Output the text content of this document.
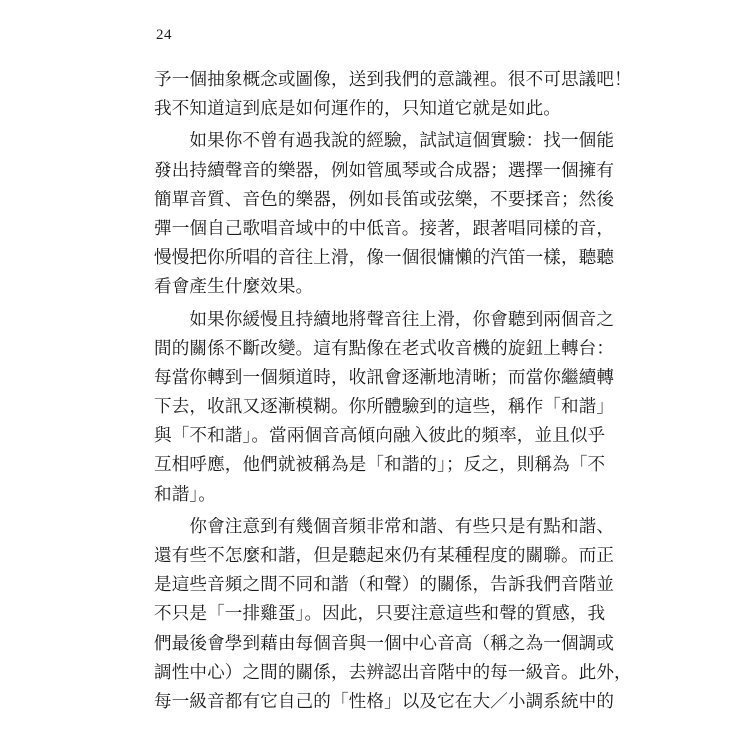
24
予一個抽象概念或圖像，送到我們的意識裡。很不可思議吧！
我不知道這到底是如何運作的，只知道它就是如此。
　　如果你不曾有過我說的經驗，試試這個實驗：找一個能
發出持續聲音的樂器，例如管風琴或合成器；選擇一個擁有
簡單音質、音色的樂器，例如長笛或弦樂，不要揉音；然後
彈一個自己歌唱音域中的中低音。接著，跟著唱同樣的音，
慢慢把你所唱的音往上滑，像一個很慵懶的汽笛一樣，聽聽
看會產生什麼效果。
　　如果你緩慢且持續地將聲音往上滑，你會聽到兩個音之
間的關係不斷改變。這有點像在老式收音機的旋鈕上轉台：
每當你轉到一個頻道時，收訊會逐漸地清晰；而當你繼續轉
下去，收訊又逐漸模糊。你所體驗到的這些，稱作「和諧」
與「不和諧」。當兩個音高傾向融入彼此的頻率，並且似乎
互相呼應，他們就被稱為是「和諧的」；反之，則稱為「不
和諧」。
　　你會注意到有幾個音頻非常和諧、有些只是有點和諧、
還有些不怎麼和諧，但是聽起來仍有某種程度的關聯。而正
是這些音頻之間不同和諧（和聲）的關係，告訴我們音階並
不只是「一排雞蛋」。因此，只要注意這些和聲的質感，我
們最後會學到藉由每個音與一個中心音高（稱之為一個調或
調性中心）之間的關係，去辨認出音階中的每一級音。此外，
每一級音都有它自己的「性格」以及它在大／小調系統中的
